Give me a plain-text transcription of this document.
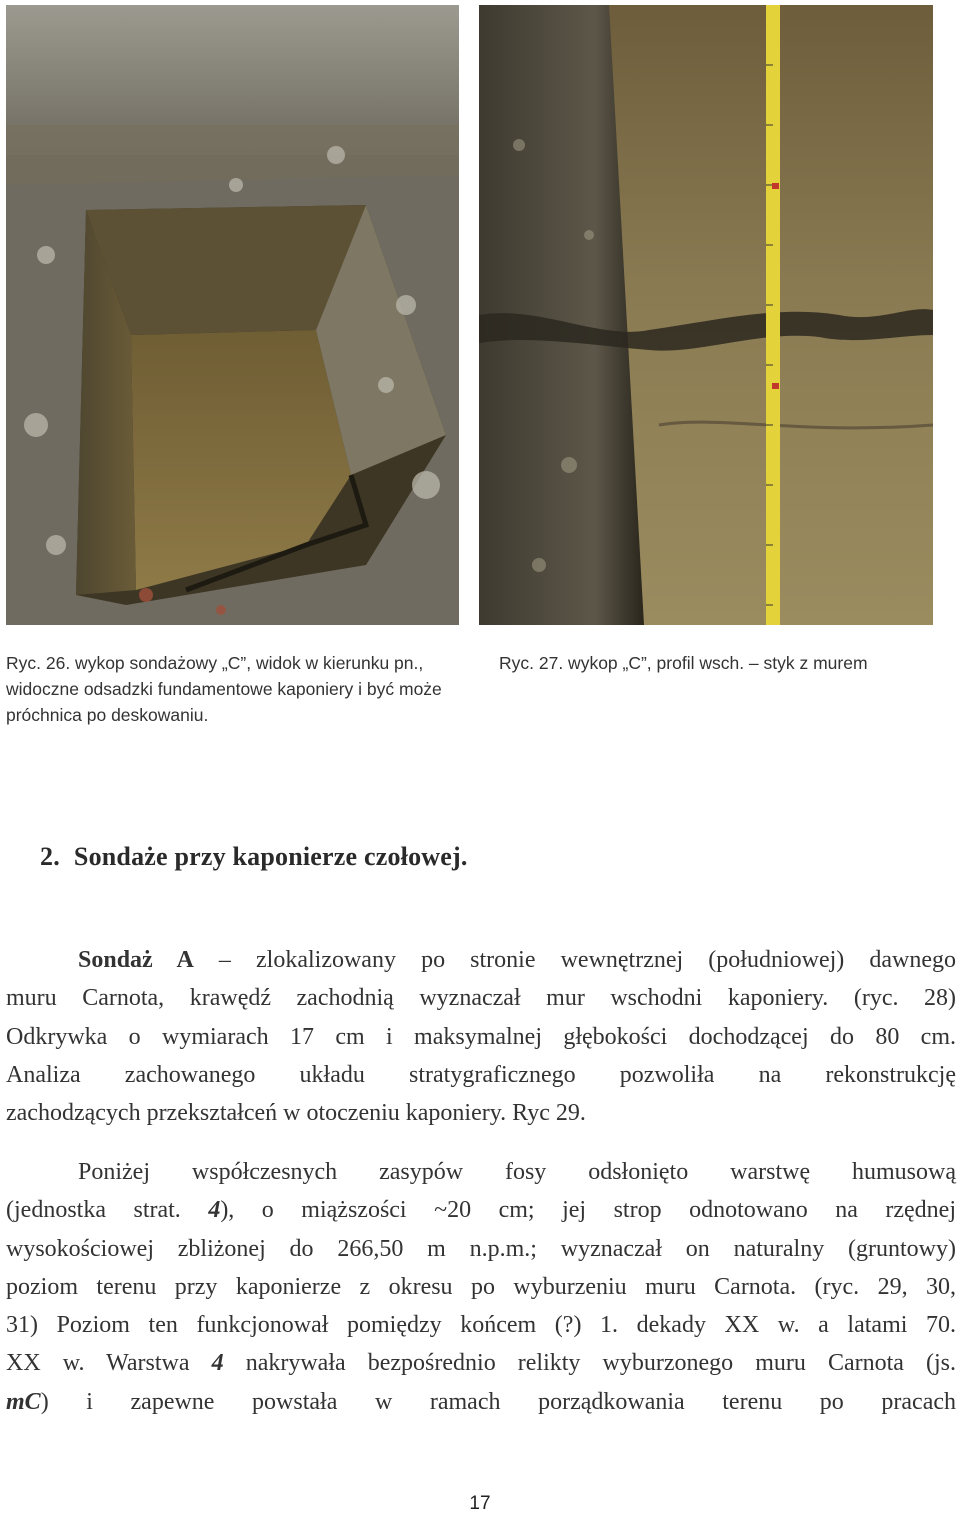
Ryc. 26. wykop sondażowy „C”, widok w kierunku pn., widoczne odsadzki fundamentowe kaponiery i być może próchnica po deskowaniu.
Ryc. 27. wykop „C”, profil wsch. – styk z murem
2. Sondaże przy kaponierze czołowej.
Sondaż A – zlokalizowany po stronie wewnętrznej (południowej) dawnego
muru Carnota, krawędź zachodnią wyznaczał mur wschodni kaponiery. (ryc. 28)
Odkrywka o wymiarach 17 cm i maksymalnej głębokości dochodzącej do 80 cm.
Analiza zachowanego układu stratygraficznego pozwoliła na rekonstrukcję
zachodzących przekształceń w otoczeniu kaponiery. Ryc 29.
Poniżej współczesnych zasypów fosy odsłonięto warstwę humusową
(jednostka strat. 4), o miąższości ~20 cm; jej strop odnotowano na rzędnej
wysokościowej zbliżonej do 266,50 m n.p.m.; wyznaczał on naturalny (gruntowy)
poziom terenu przy kaponierze z okresu po wyburzeniu muru Carnota. (ryc. 29, 30,
31) Poziom ten funkcjonował pomiędzy końcem (?) 1. dekady XX w. a latami 70.
XX w. Warstwa 4 nakrywała bezpośrednio relikty wyburzonego muru Carnota (js.
mC) i zapewne powstała w ramach porządkowania terenu po pracach
17
